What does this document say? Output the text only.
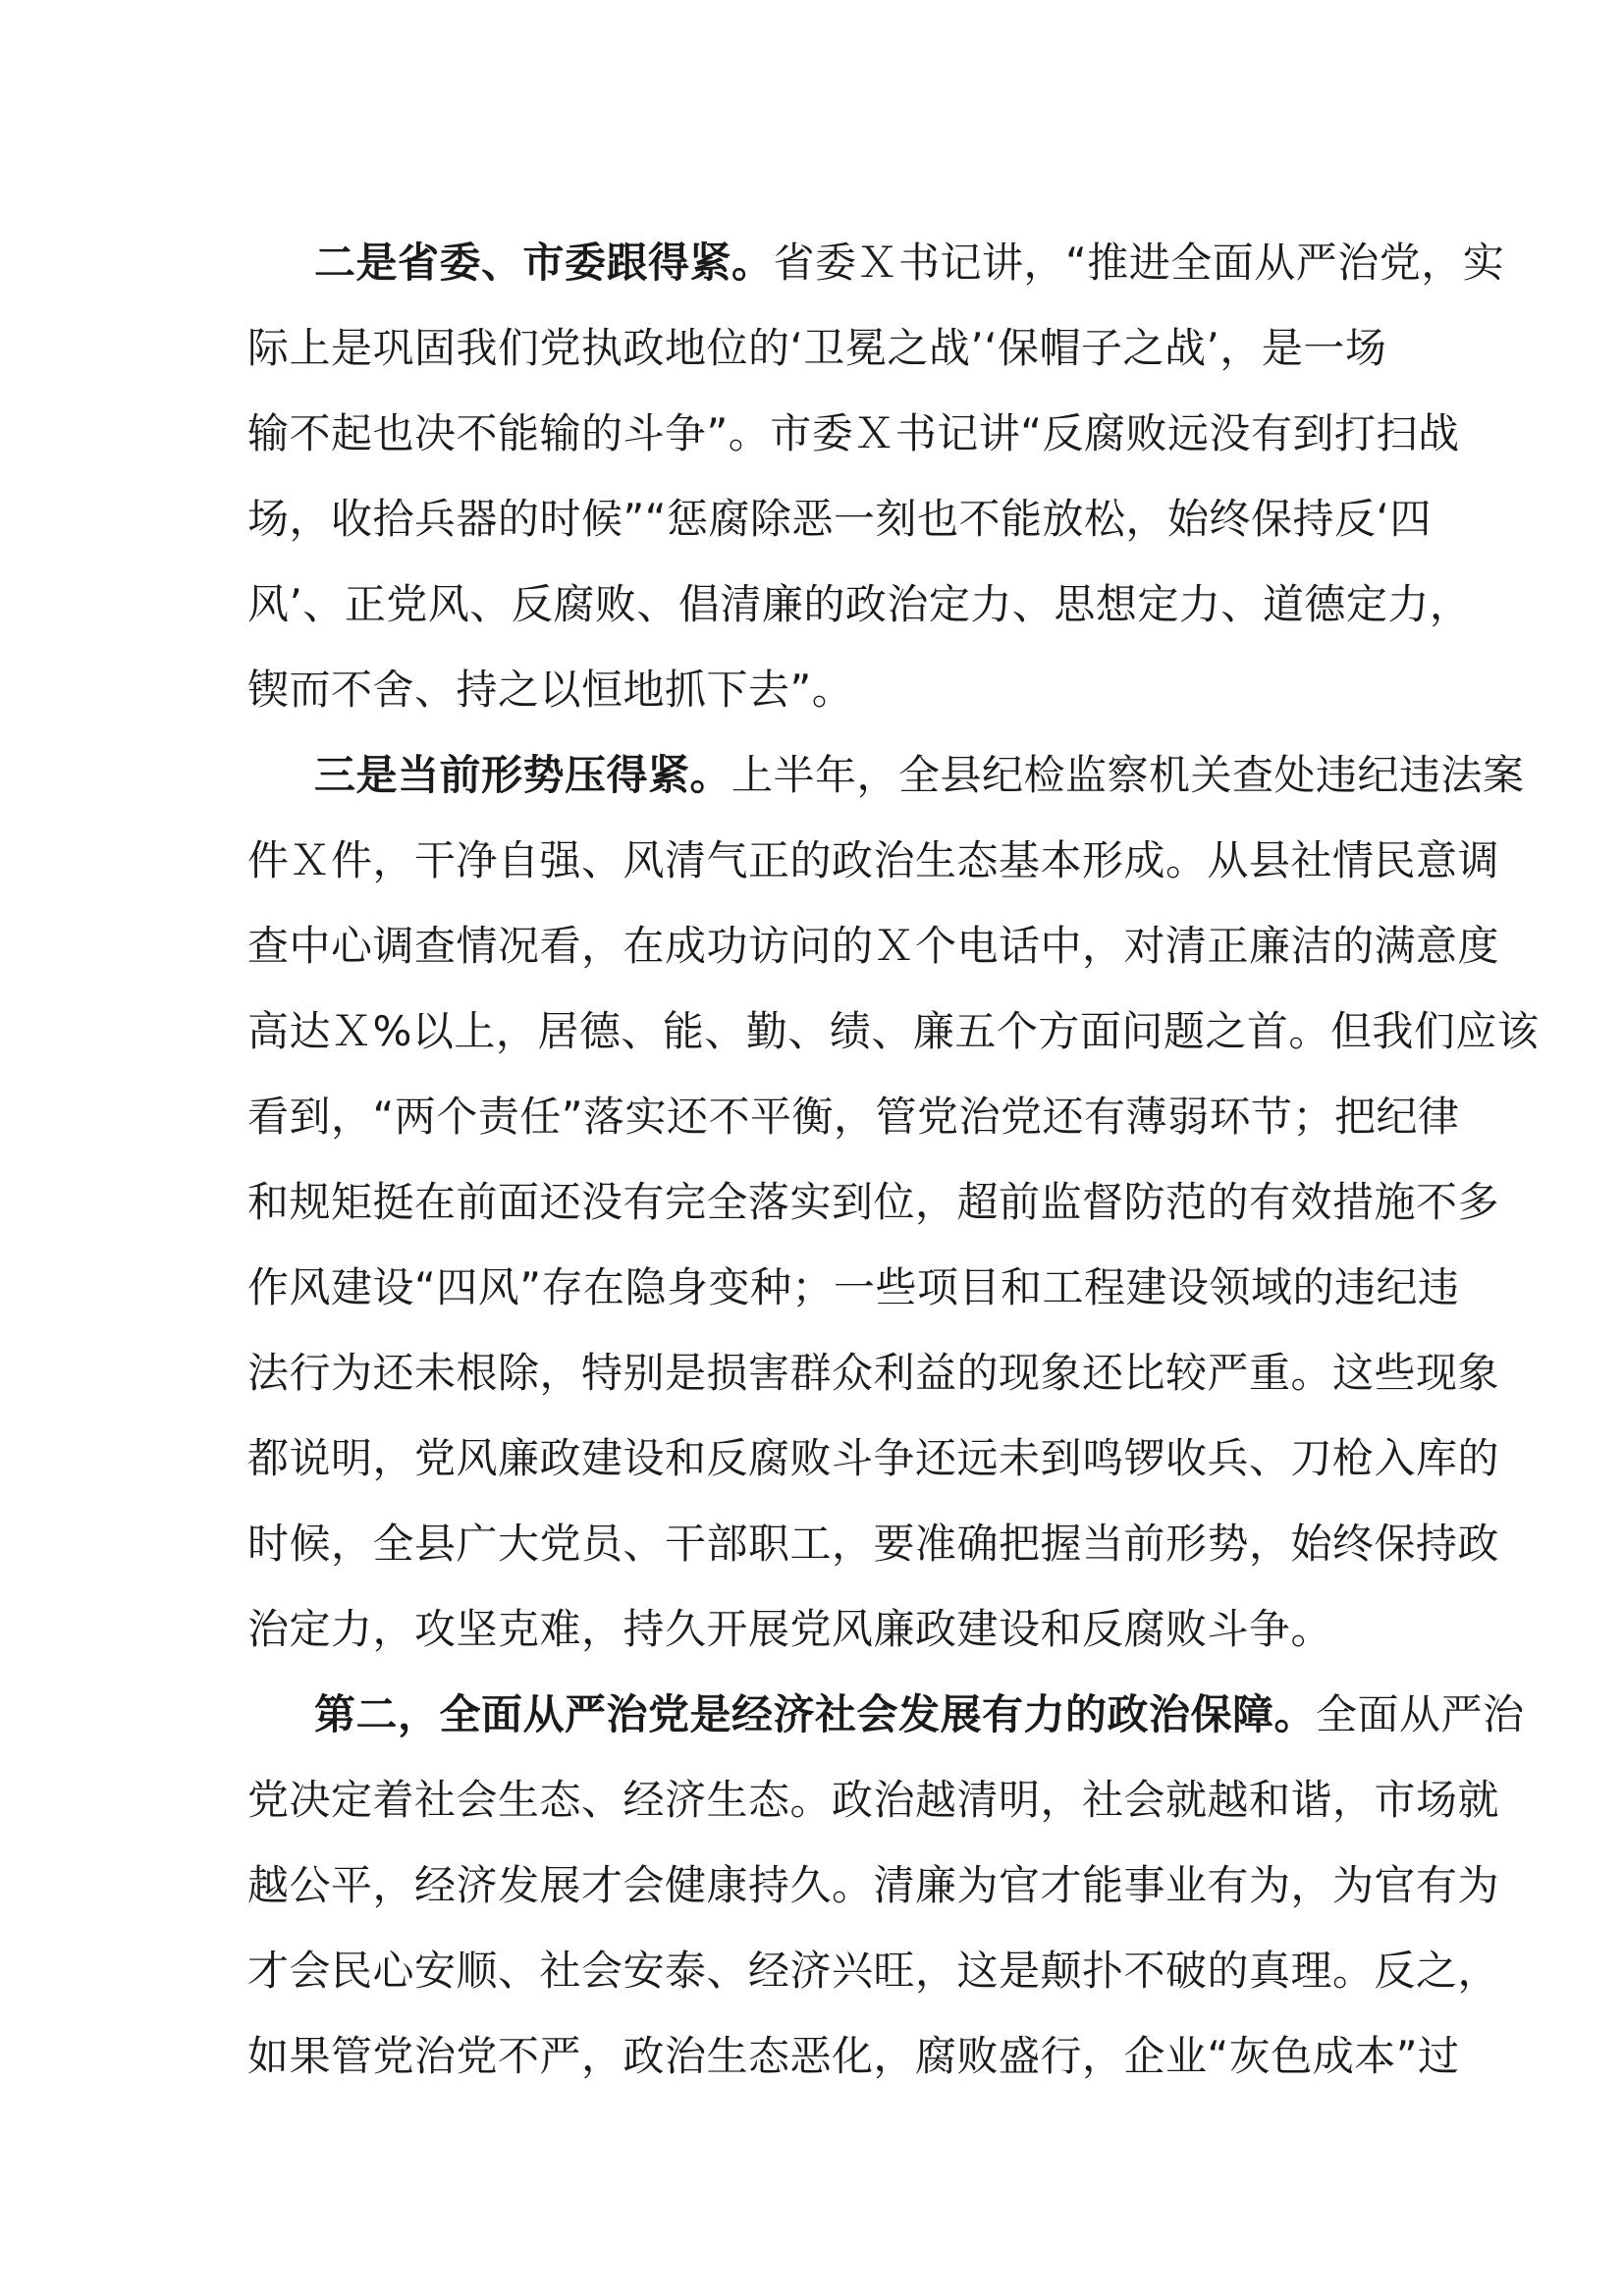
二是省委、市委跟得紧。省委Ｘ书记讲，“推进全面从严治党，实
际上是巩固我们党执政地位的‘卫冕之战’‘保帽子之战’，是一场
输不起也决不能输的斗争”。市委Ｘ书记讲“反腐败远没有到打扫战
场，收拾兵器的时候”“惩腐除恶一刻也不能放松，始终保持反‘四
风’、正党风、反腐败、倡清廉的政治定力、思想定力、道德定力，
锲而不舍、持之以恒地抓下去”。
三是当前形势压得紧。上半年，全县纪检监察机关查处违纪违法案
件Ｘ件，干净自强、风清气正的政治生态基本形成。从县社情民意调
查中心调查情况看，在成功访问的Ｘ个电话中，对清正廉洁的满意度
高达Ｘ%以上，居德、能、勤、绩、廉五个方面问题之首。但我们应该
看到，“两个责任”落实还不平衡，管党治党还有薄弱环节；把纪律
和规矩挺在前面还没有完全落实到位，超前监督防范的有效措施不多
作风建设“四风”存在隐身变种；一些项目和工程建设领域的违纪违
法行为还未根除，特别是损害群众利益的现象还比较严重。这些现象
都说明，党风廉政建设和反腐败斗争还远未到鸣锣收兵、刀枪入库的
时候，全县广大党员、干部职工，要准确把握当前形势，始终保持政
治定力，攻坚克难，持久开展党风廉政建设和反腐败斗争。
第二，全面从严治党是经济社会发展有力的政治保障。全面从严治
党决定着社会生态、经济生态。政治越清明，社会就越和谐，市场就
越公平，经济发展才会健康持久。清廉为官才能事业有为，为官有为
才会民心安顺、社会安泰、经济兴旺，这是颠扑不破的真理。反之，
如果管党治党不严，政治生态恶化，腐败盛行，企业“灰色成本”过
